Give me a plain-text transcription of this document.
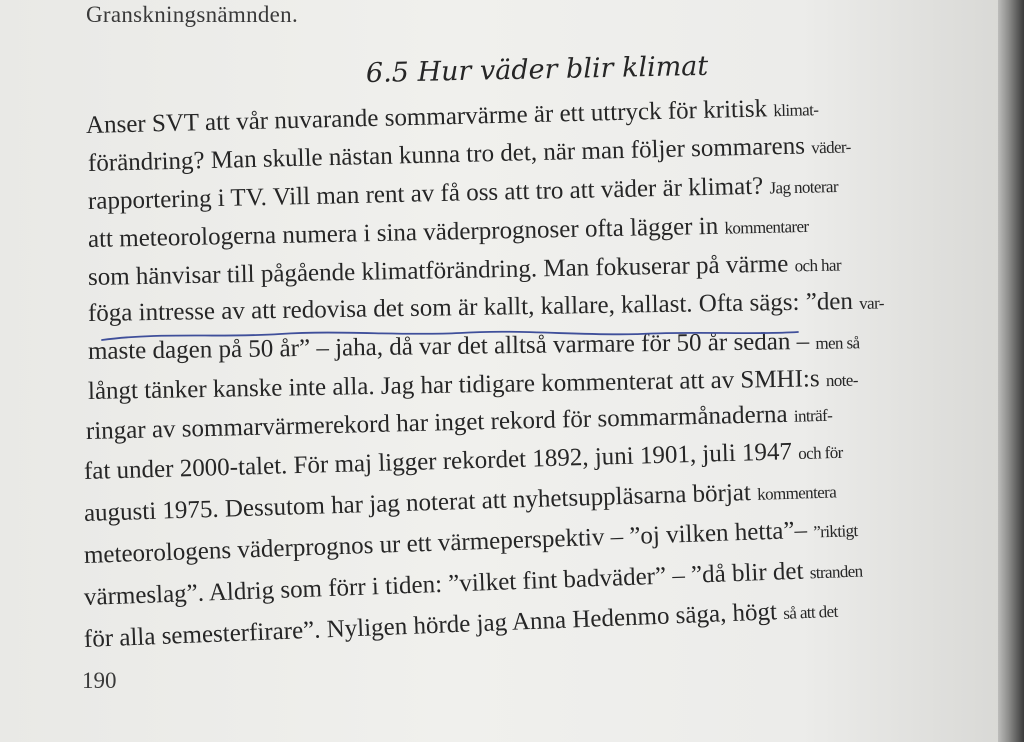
Granskningsnämnden.
6.5 Hur väder blir klimat
Anser SVT att vår nuvarande sommarvärme är ett uttryck för kritisk klimat-
förändring? Man skulle nästan kunna tro det, när man följer sommarens väder-
rapportering i TV. Vill man rent av få oss att tro att väder är klimat? Jag noterar
att meteorologerna numera i sina väderprognoser ofta lägger in kommentarer
som hänvisar till pågående klimatförändring. Man fokuserar på värme och har
föga intresse av att redovisa det som är kallt, kallare, kallast. Ofta sägs: ”den var-
maste dagen på 50 år” – jaha, då var det alltså varmare för 50 år sedan – men så
långt tänker kanske inte alla. Jag har tidigare kommenterat att av SMHI:s note-
ringar av sommarvärmerekord har inget rekord för sommarmånaderna inträf-
fat under 2000-talet. För maj ligger rekordet 1892, juni 1901, juli 1947 och för
augusti 1975. Dessutom har jag noterat att nyhetsuppläsarna börjat kommentera
meteorologens väderprognos ur ett värmeperspektiv – ”oj vilken hetta”– ”riktigt
värmeslag”. Aldrig som förr i tiden: ”vilket fint badväder” – ”då blir det stranden
för alla semesterfirare”. Nyligen hörde jag Anna Hedenmo säga, högt så att det
190
